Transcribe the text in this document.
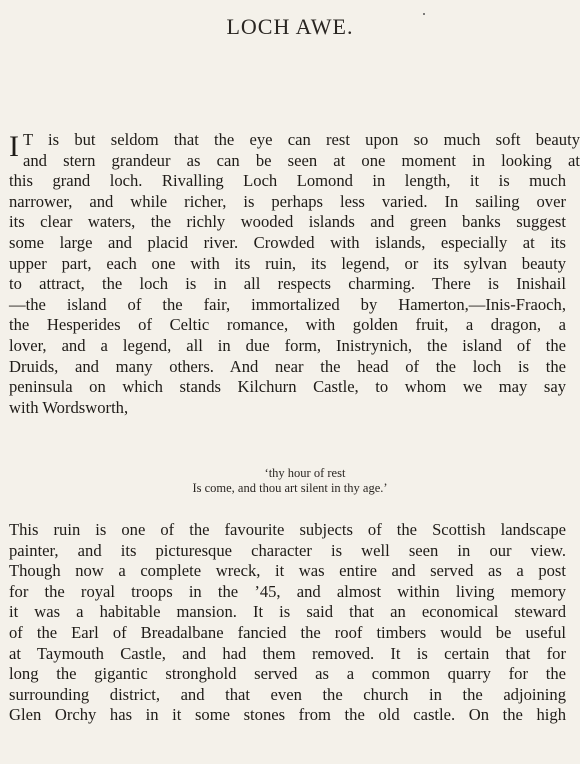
LOCH AWE.
I T is but seldom that the eye can rest upon so much soft beauty
and stern grandeur as can be seen at one moment in looking at
this grand loch. Rivalling Loch Lomond in length, it is much
narrower, and while richer, is perhaps less varied. In sailing over
its clear waters, the richly wooded islands and green banks suggest
some large and placid river. Crowded with islands, especially at its
upper part, each one with its ruin, its legend, or its sylvan beauty
to attract, the loch is in all respects charming. There is Inishail
—the island of the fair, immortalized by Hamerton,—Inis-Fraoch,
the Hesperides of Celtic romance, with golden fruit, a dragon, a
lover, and a legend, all in due form, Inistrynich, the island of the
Druids, and many others. And near the head of the loch is the
peninsula on which stands Kilchurn Castle, to whom we may say
with Wordsworth,
‘thy hour of rest
Is come, and thou art silent in thy age.’
This ruin is one of the favourite subjects of the Scottish landscape
painter, and its picturesque character is well seen in our view.
Though now a complete wreck, it was entire and served as a post
for the royal troops in the ’45, and almost within living memory
it was a habitable mansion. It is said that an economical steward
of the Earl of Breadalbane fancied the roof timbers would be useful
at Taymouth Castle, and had them removed. It is certain that for
long the gigantic stronghold served as a common quarry for the
surrounding district, and that even the church in the adjoining
Glen Orchy has in it some stones from the old castle. On the high
